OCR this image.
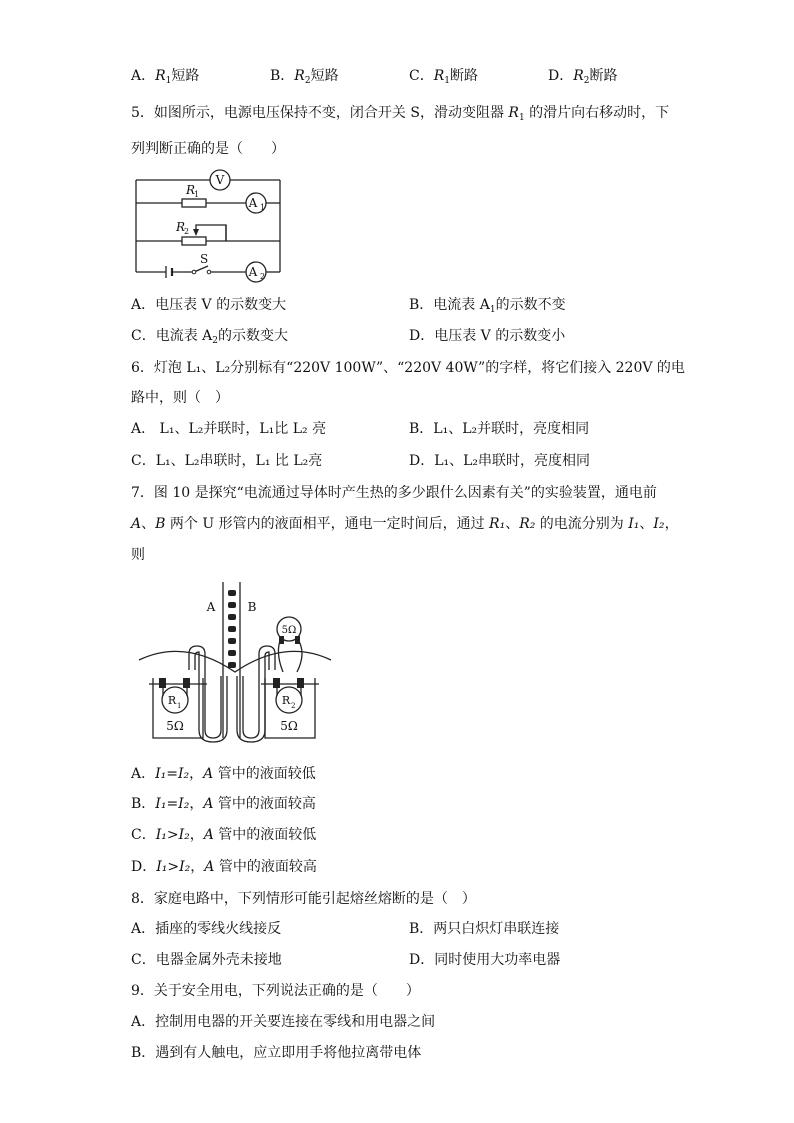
A．$R_1$短路	B．$R_2$短路	C．$R_1$断路	D．$R_2$断路
5．如图所示，电源电压保持不变，闭合开关 S，滑动变阻器 $R_1$ 的滑片向右移动时，下
列判断正确的是（　　）
V
A 1
A 2
R
1
R
2
S
A．电压表 V 的示数变大	B．电流表 $A_1$的示数不变
C．电流表 $A_2$的示数变大	D．电压表 V 的示数变小
6．灯泡 L₁、L₂分别标有“220V 100W”、“220V 40W”的字样，将它们接入 220V 的电
路中，则（　）
A． L₁、L₂并联时，L₁比 L₂ 亮	B．L₁、L₂并联时，亮度相同
C．L₁、L₂串联时，L₁ 比 L₂亮	D．L₁、L₂串联时，亮度相同
7．图 10 是探究“电流通过导体时产生热的多少跟什么因素有关”的实验装置，通电前
A、B 两个 U 形管内的液面相平，通电一定时间后，通过 R₁、R₂ 的电流分别为 I₁、I₂，
则
A	B
R 1	R 2
5Ω	5Ω
5Ω
A．I₁=I₂，A 管中的液面较低
B．I₁=I₂，A 管中的液面较高
C．I₁>I₂，A 管中的液面较低
D．I₁>I₂，A 管中的液面较高
8．家庭电路中，下列情形可能引起熔丝熔断的是（　）
A．插座的零线火线接反	B．两只白炽灯串联连接
C．电器金属外壳未接地	D．同时使用大功率电器
9．关于安全用电，下列说法正确的是（　　）
A．控制用电器的开关要连接在零线和用电器之间
B．遇到有人触电，应立即用手将他拉离带电体
